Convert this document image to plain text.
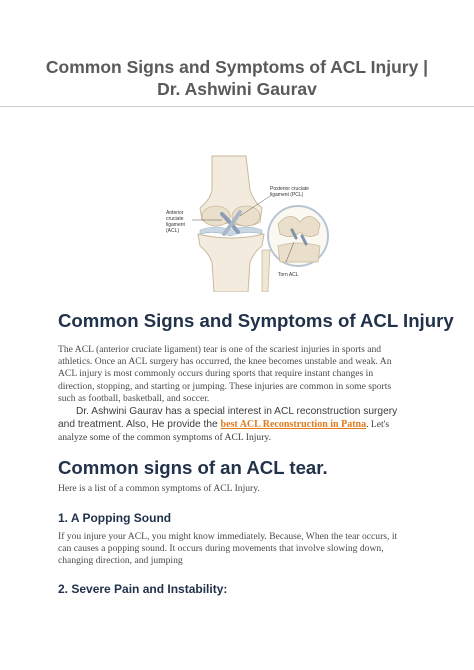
Common Signs and Symptoms of ACL Injury |
Dr. Ashwini Gaurav

Posterior cruciate

ligament (PCL)

Anterior

cruciate

ligament

(ACL)

Torn ACL

Common Signs and Symptoms of ACL Injury
The ACL (anterior cruciate ligament) tear is one of the scariest injuries in sports and
athletics. Once an ACL surgery has occurred, the knee becomes unstable and weak. An
ACL injury is most commonly occurs during sports that require instant changes in
direction, stopping, and starting or jumping. These injuries are common in some sports
such as football, basketball, and soccer.
Dr. Ashwini Gaurav has a special interest in ACL reconstruction surgery
and treatment. Also, He provide the best ACL Reconstruction in Patna. Let's
analyze some of the common symptoms of ACL Injury.
Common signs of an ACL tear.

Here is a list of a common symptoms of ACL Injury.

1. A Popping Sound
If you injure your ACL, you might know immediately. Because, When the tear occurs, it
can causes a popping sound. It occurs during movements that involve slowing down,
changing direction, and jumping
2. Severe Pain and Instability:
